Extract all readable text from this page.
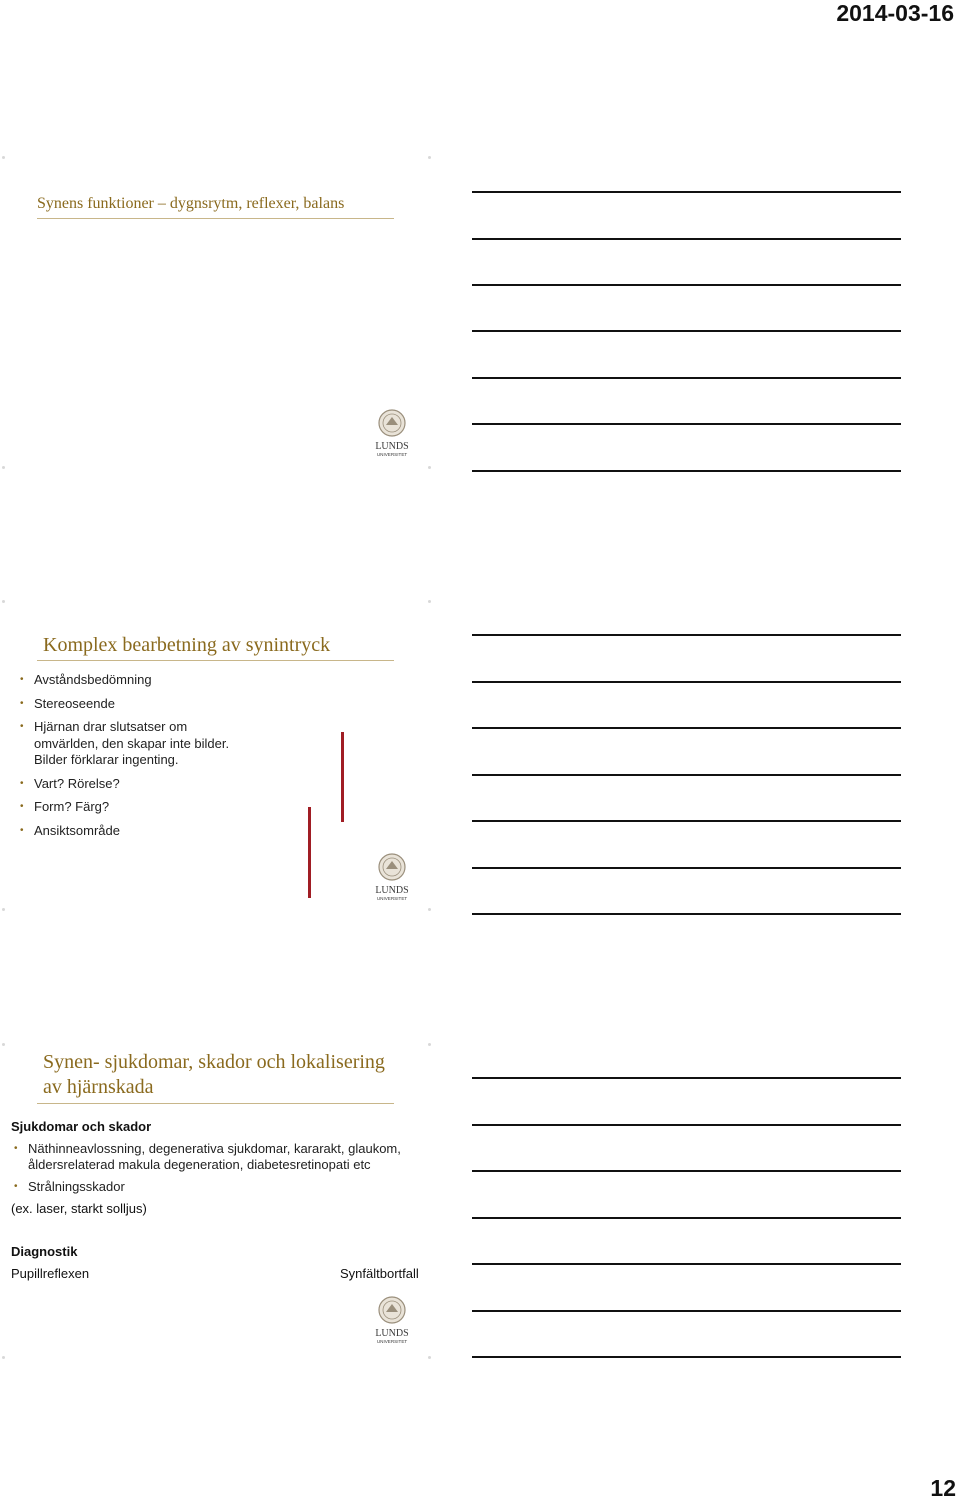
2014-03-16
Synens funktioner – dygnsrytm, reflexer, balans
LUNDS
UNIVERSITET
Komplex bearbetning av synintryck
• Avståndsbedömning
• Stereoseende
• Hjärnan drar slutsatser om omvärlden, den skapar inte bilder. Bilder förklarar ingenting.
• Vart? Rörelse?
• Form? Färg?
• Ansiktsområde
LUNDS
UNIVERSITET
Synen- sjukdomar, skador och lokalisering
av hjärnskada
Sjukdomar och skador
• Näthinneavlossning, degenerativa sjukdomar, kararakt, glaukom, åldersrelaterad makula degeneration, diabetesretinopati etc
• Strålningsskador
(ex. laser, starkt solljus)
Diagnostik
Pupillreflexen	Synfältbortfall
LUNDS
UNIVERSITET
12
